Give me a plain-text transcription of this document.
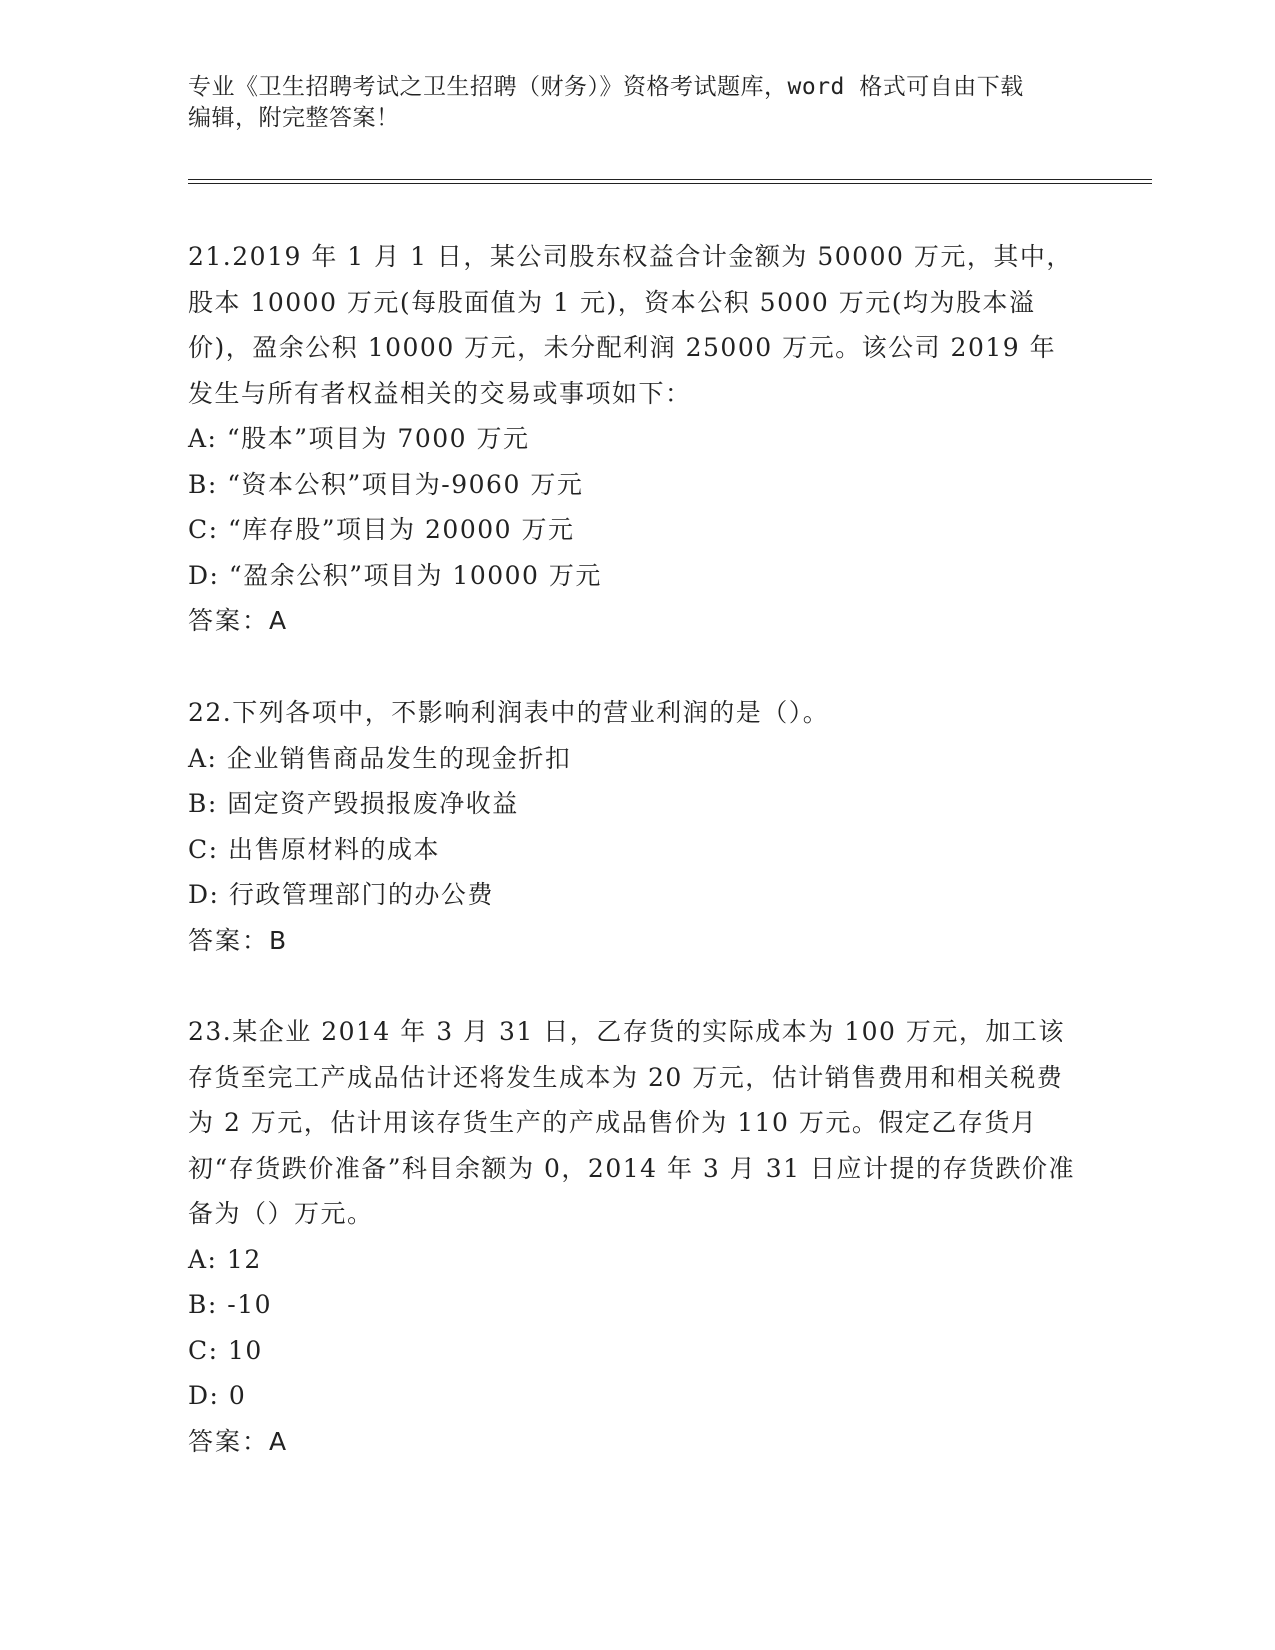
专业《卫生招聘考试之卫生招聘（财务）》资格考试题库，word 格式可自由下载
编辑，附完整答案！

21.2019 年 1 月 1 日，某公司股东权益合计金额为 50000 万元，其中，股本 10000 万元(每股面值为 1 元)，资本公积 5000 万元(均为股本溢价)，盈余公积 10000 万元，未分配利润 25000 万元。该公司 2019 年发生与所有者权益相关的交易或事项如下：

A: “股本”项目为 7000 万元

B: “资本公积”项目为-9060 万元

C: “库存股”项目为 20000 万元

D: “盈余公积”项目为 10000 万元

答案：A

22.下列各项中，不影响利润表中的营业利润的是（）。

A: 企业销售商品发生的现金折扣

B: 固定资产毁损报废净收益

C: 出售原材料的成本

D: 行政管理部门的办公费

答案：B

23.某企业 2014 年 3 月 31 日，乙存货的实际成本为 100 万元，加工该存货至完工产成品估计还将发生成本为 20 万元，估计销售费用和相关税费为 2 万元，估计用该存货生产的产成品售价为 110 万元。假定乙存货月初“存货跌价准备”科目余额为 0，2014 年 3 月 31 日应计提的存货跌价准备为（）万元。

A: 12

B: -10

C: 10

D: 0

答案：A
